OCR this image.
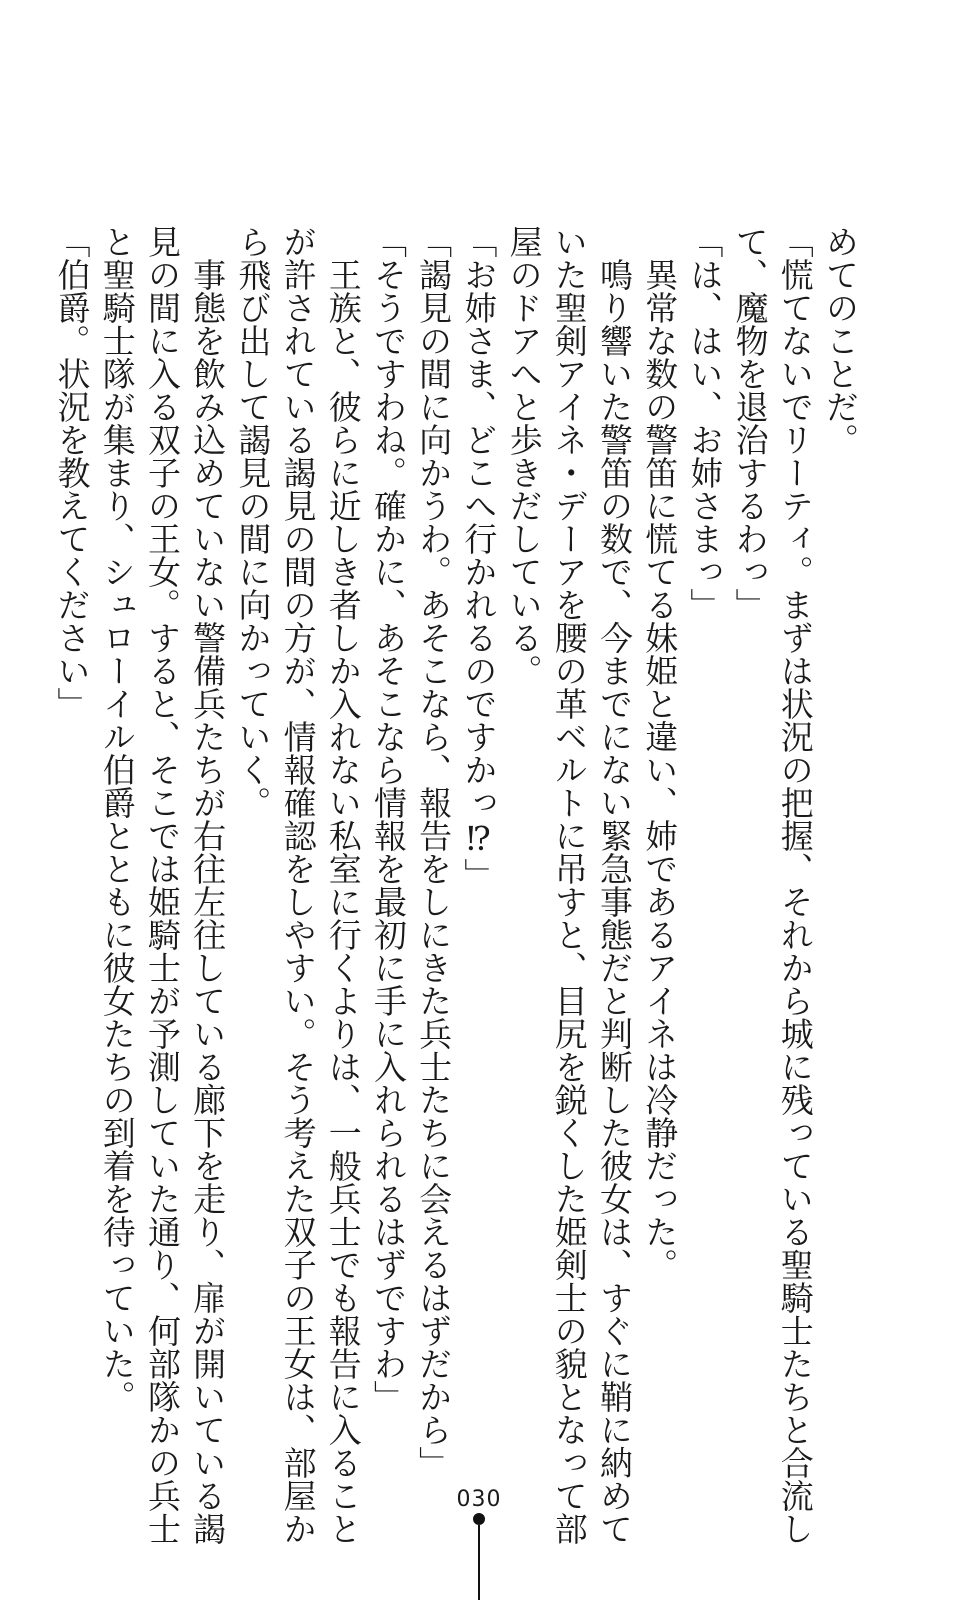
めてのことだ。
「慌てないでリーティ。まずは状況の把握、それから城に残っている聖騎士たちと合流し
て、魔物を退治するわっ」
「は、はい、お姉さまっ」
　異常な数の警笛に慌てる妹姫と違い、姉であるアイネは冷静だった。
　鳴り響いた警笛の数で、今までにない緊急事態だと判断した彼女は、すぐに鞘に納めて
いた聖剣アイネ・デーアを腰の革ベルトに吊すと、目尻を鋭くした姫剣士の貌となって部
屋のドアへと歩きだしている。
「お姉さま、どこへ行かれるのですかっ⁉」
「謁見の間に向かうわ。あそこなら、報告をしにきた兵士たちに会えるはずだから」
「そうですわね。確かに、あそこなら情報を最初に手に入れられるはずですわ」
　王族と、彼らに近しき者しか入れない私室に行くよりは、一般兵士でも報告に入ること
が許されている謁見の間の方が、情報確認をしやすい。そう考えた双子の王女は、部屋か
ら飛び出して謁見の間に向かっていく。
　事態を飲み込めていない警備兵たちが右往左往している廊下を走り、扉が開いている謁
見の間に入る双子の王女。すると、そこでは姫騎士が予測していた通り、何部隊かの兵士
と聖騎士隊が集まり、シュローイル伯爵とともに彼女たちの到着を待っていた。
「伯爵。状況を教えてください」
030
